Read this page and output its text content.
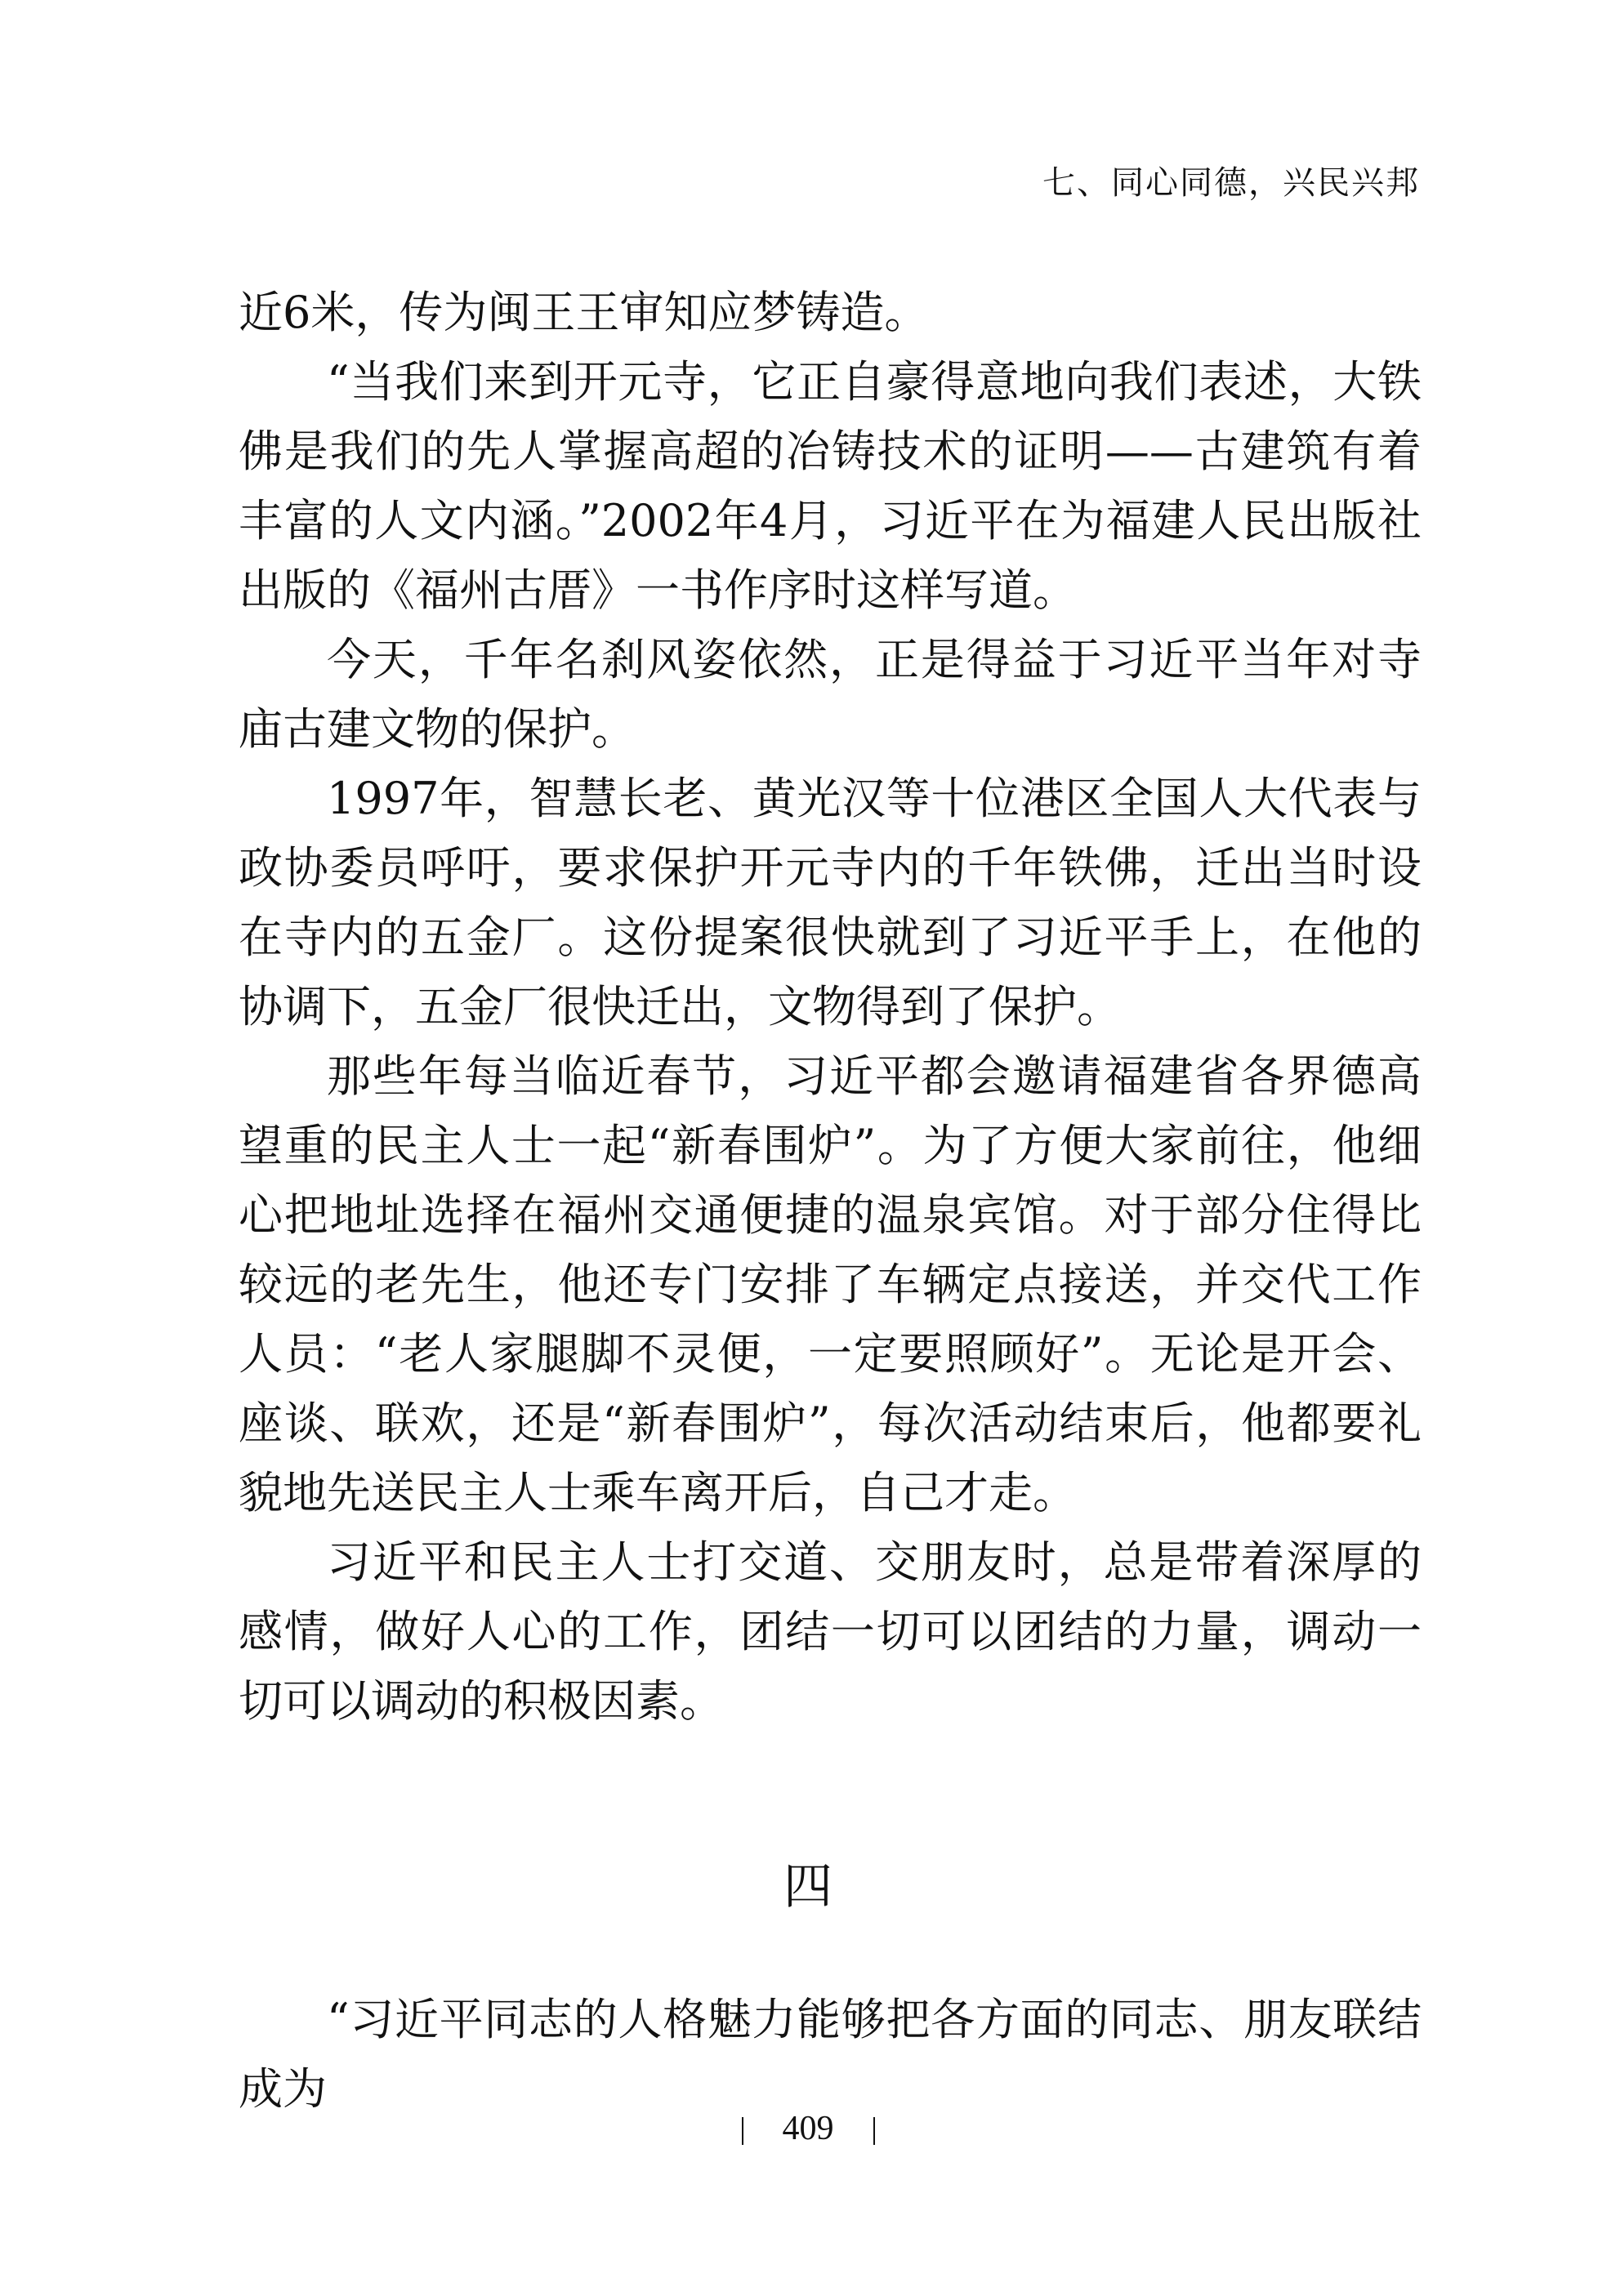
七、同心同德，兴民兴邦

近6米，传为闽王王审知应梦铸造。

“当我们来到开元寺，它正自豪得意地向我们表述，大铁佛是我们的先人掌握高超的冶铸技术的证明——古建筑有着丰富的人文内涵。”2002年4月，习近平在为福建人民出版社出版的《福州古厝》一书作序时这样写道。

今天，千年名刹风姿依然，正是得益于习近平当年对寺庙古建文物的保护。

1997年，智慧长老、黄光汉等十位港区全国人大代表与政协委员呼吁，要求保护开元寺内的千年铁佛，迁出当时设在寺内的五金厂。这份提案很快就到了习近平手上，在他的协调下，五金厂很快迁出，文物得到了保护。

那些年每当临近春节，习近平都会邀请福建省各界德高望重的民主人士一起“新春围炉”。为了方便大家前往，他细心把地址选择在福州交通便捷的温泉宾馆。对于部分住得比较远的老先生，他还专门安排了车辆定点接送，并交代工作人员：“老人家腿脚不灵便，一定要照顾好”。无论是开会、座谈、联欢，还是“新春围炉”，每次活动结束后，他都要礼貌地先送民主人士乘车离开后，自己才走。

习近平和民主人士打交道、交朋友时，总是带着深厚的感情，做好人心的工作，团结一切可以团结的力量，调动一切可以调动的积极因素。

四

“习近平同志的人格魅力能够把各方面的同志、朋友联结成为

409
